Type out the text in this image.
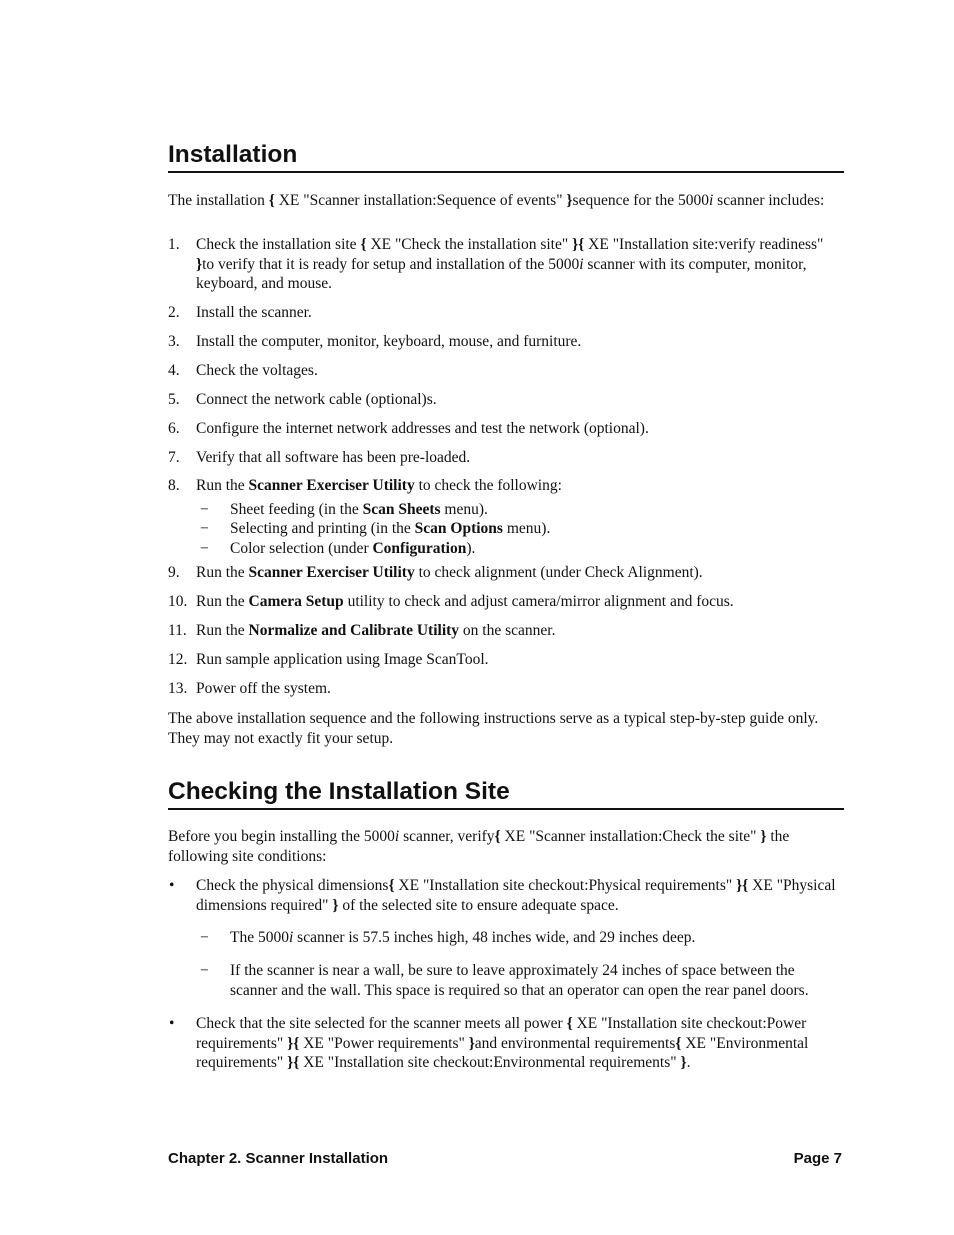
Installation

The installation { XE "Scanner installation:Sequence of events" }sequence for the 5000i scanner includes:

1. Check the installation site { XE "Check the installation site" }{ XE "Installation site:verify readiness" }to verify that it is ready for setup and installation of the 5000i scanner with its computer, monitor, keyboard, and mouse.
2. Install the scanner.
3. Install the computer, monitor, keyboard, mouse, and furniture.
4. Check the voltages.
5. Connect the network cable (optional)s.
6. Configure the internet network addresses and test the network (optional).
7. Verify that all software has been pre-loaded.
8. Run the Scanner Exerciser Utility to check the following:
− Sheet feeding (in the Scan Sheets menu).
− Selecting and printing (in the Scan Options menu).
− Color selection (under Configuration).
9. Run the Scanner Exerciser Utility to check alignment (under Check Alignment).
10. Run the Camera Setup utility to check and adjust camera/mirror alignment and focus.
11. Run the Normalize and Calibrate Utility on the scanner.
12. Run sample application using Image ScanTool.
13. Power off the system.

The above installation sequence and the following instructions serve as a typical step-by-step guide only. They may not exactly fit your setup.

Checking the Installation Site

Before you begin installing the 5000i scanner, verify{ XE "Scanner installation:Check the site" } the following site conditions:

• Check the physical dimensions{ XE "Installation site checkout:Physical requirements" }{ XE "Physical dimensions required" } of the selected site to ensure adequate space.
− The 5000i scanner is 57.5 inches high, 48 inches wide, and 29 inches deep.
− If the scanner is near a wall, be sure to leave approximately 24 inches of space between the scanner and the wall. This space is required so that an operator can open the rear panel doors.
• Check that the site selected for the scanner meets all power { XE "Installation site checkout:Power requirements" }{ XE "Power requirements" }and environmental requirements{ XE "Environmental requirements" }{ XE "Installation site checkout:Environmental requirements" }.
Chapter 2. Scanner Installation	Page 7
